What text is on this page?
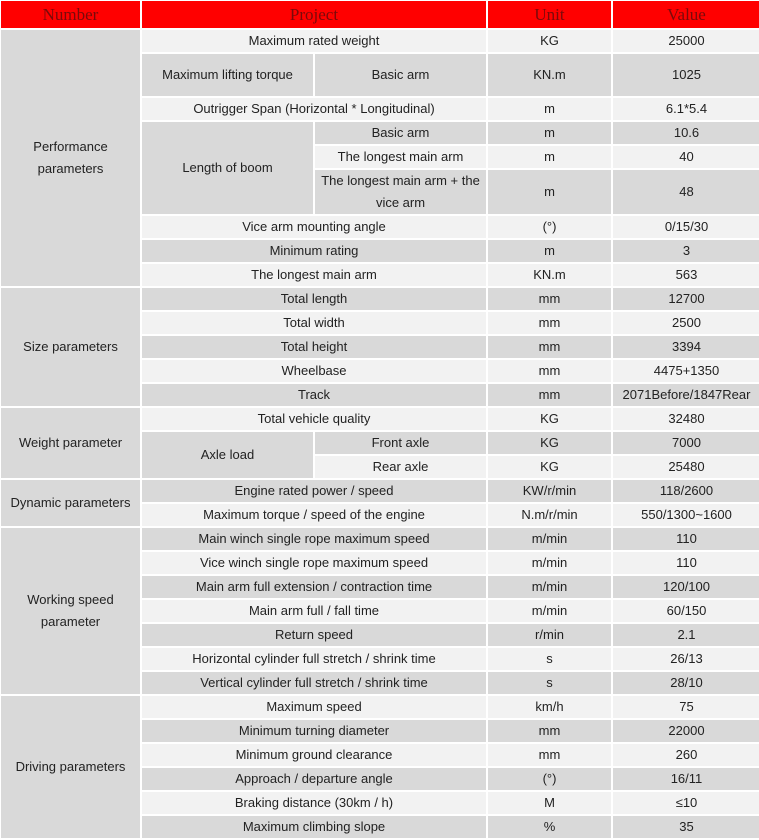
Number	Project		Unit	Value
Performance parameters	Maximum rated weight		KG	25000
	Maximum lifting torque	Basic arm	KN.m	1025
	Outrigger Span (Horizontal * Longitudinal)		m	6.1*5.4
	Length of boom	Basic arm	m	10.6
		The longest main arm	m	40
		The longest main arm + the vice arm	m	48
	Vice arm mounting angle		(°)	0/15/30
	Minimum rating		m	3
	The longest main arm		KN.m	563
Size parameters	Total length		mm	12700
	Total width		mm	2500
	Total height		mm	3394
	Wheelbase		mm	4475+1350
	Track		mm	2071Before/1847Rear
Weight parameter	Total vehicle quality		KG	32480
	Axle load	Front axle	KG	7000
		Rear axle	KG	25480
Dynamic parameters	Engine rated power / speed		KW/r/min	118/2600
	Maximum torque / speed of the engine		N.m/r/min	550/1300~1600
Working speed parameter	Main winch single rope maximum speed		m/min	110
	Vice winch single rope maximum speed		m/min	110
	Main arm full extension / contraction time		m/min	120/100
	Main arm full / fall time		m/min	60/150
	Return speed		r/min	2.1
	Horizontal cylinder full stretch / shrink time		s	26/13
	Vertical cylinder full stretch / shrink time		s	28/10
Driving parameters	Maximum speed		km/h	75
	Minimum turning diameter		mm	22000
	Minimum ground clearance		mm	260
	Approach / departure angle		(°)	16/11
	Braking distance (30km / h)		M	≤10
	Maximum climbing slope		%	35
